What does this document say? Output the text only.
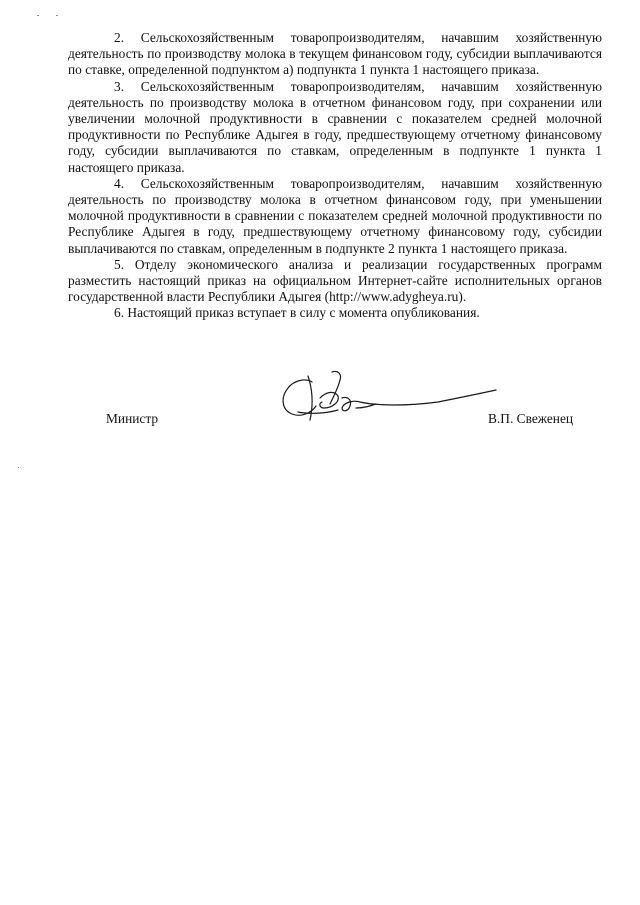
2. Сельскохозяйственным товаропроизводителям, начавшим хозяйственную деятельность по производству молока в текущем финансовом году, субсидии выплачиваются по ставке, определенной подпунктом а) подпункта 1 пункта 1 настоящего приказа.

3. Сельскохозяйственным товаропроизводителям, начавшим хозяйственную деятельность по производству молока в отчетном финансовом году, при сохранении или увеличении молочной продуктивности в сравнении с показателем средней молочной продуктивности по Республике Адыгея в году, предшествующему отчетному финансовому году, субсидии выплачиваются по ставкам, определенным в подпункте 1 пункта 1 настоящего приказа.

4. Сельскохозяйственным товаропроизводителям, начавшим хозяйственную деятельность по производству молока в отчетном финансовом году, при уменьшении молочной продуктивности в сравнении с показателем средней молочной продуктивности по Республике Адыгея в году, предшествующему отчетному финансовому году, субсидии выплачиваются по ставкам, определенным в подпункте 2 пункта 1 настоящего приказа.

5. Отделу экономического анализа и реализации государственных программ разместить настоящий приказ на официальном Интернет-сайте исполнительных органов государственной власти Республики Адыгея (http://www.adygheya.ru).

6. Настоящий приказ вступает в силу с момента опубликования.

Министр	В.П. Свеженец
